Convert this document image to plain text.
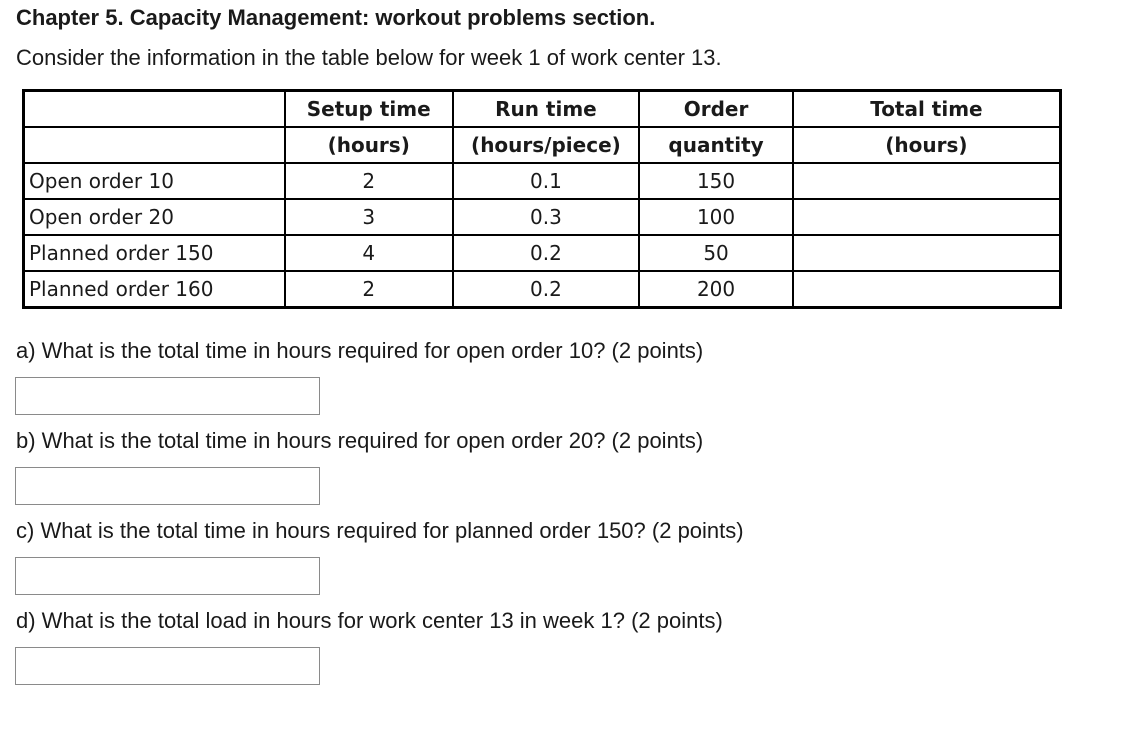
Chapter 5. Capacity Management: workout problems section.
Consider the information in the table below for week 1 of work center 13.
	Setup time	Run time	Order	Total time
	(hours)	(hours/piece)	quantity	(hours)
Open order 10	2	0.1	150	
Open order 20	3	0.3	100	
Planned order 150	4	0.2	50	
Planned order 160	2	0.2	200	
a) What is the total time in hours required for open order 10? (2 points)
b) What is the total time in hours required for open order 20? (2 points)
c) What is the total time in hours required for planned order 150? (2 points)
d) What is the total load in hours for work center 13 in week 1? (2 points)
